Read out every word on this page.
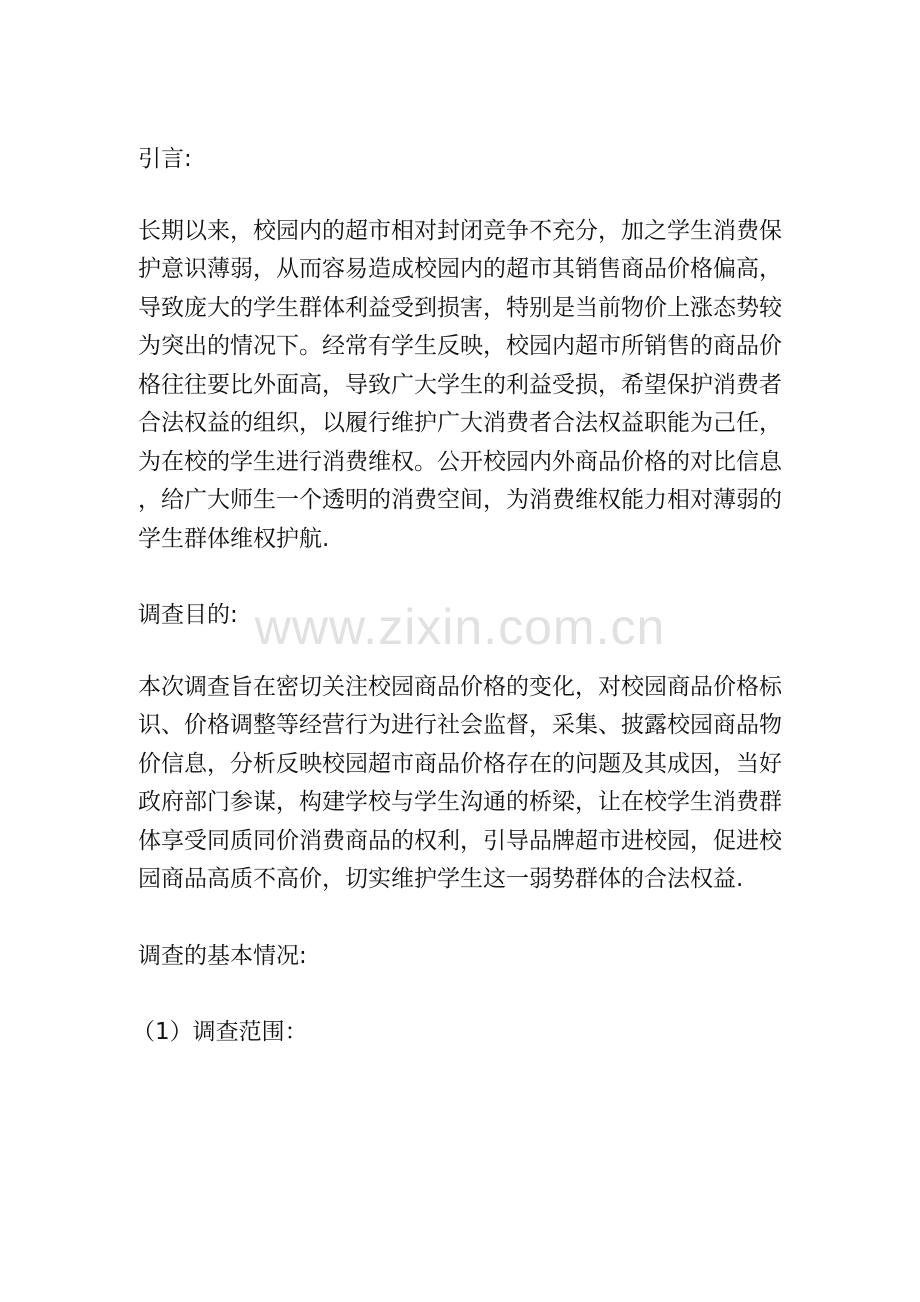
引言:

长期以来，校园内的超市相对封闭竞争不充分，加之学生消费保
护意识薄弱，从而容易造成校园内的超市其销售商品价格偏高，
导致庞大的学生群体利益受到损害，特别是当前物价上涨态势较
为突出的情况下。经常有学生反映，校园内超市所销售的商品价
格往往要比外面高，导致广大学生的利益受损，希望保护消费者
合法权益的组织，以履行维护广大消费者合法权益职能为己任，
为在校的学生进行消费维权。公开校园内外商品价格的对比信息
，给广大师生一个透明的消费空间，为消费维权能力相对薄弱的
学生群体维权护航.

调查目的:

本次调查旨在密切关注校园商品价格的变化，对校园商品价格标
识、价格调整等经营行为进行社会监督，采集、披露校园商品物
价信息，分析反映校园超市商品价格存在的问题及其成因，当好
政府部门参谋，构建学校与学生沟通的桥梁，让在校学生消费群
体享受同质同价消费商品的权利，引导品牌超市进校园，促进校
园商品高质不高价，切实维护学生这一弱势群体的合法权益.

调查的基本情况:

（1）调查范围：

www.zixin.com.cn
